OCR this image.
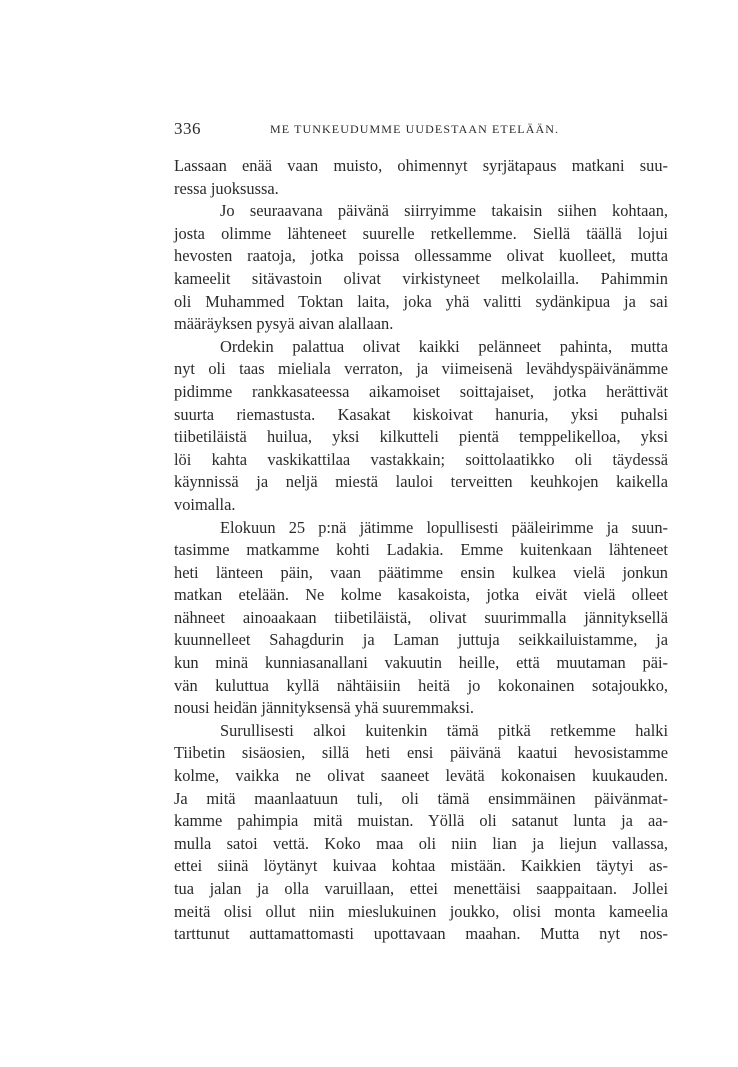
336	ME TUNKEUDUMME UUDESTAAN ETELÄÄN.
Lassaan enää vaan muisto, ohimennyt syrjätapaus matkani suu-
ressa juoksussa.
Jo seuraavana päivänä siirryimme takaisin siihen kohtaan,
josta olimme lähteneet suurelle retkellemme. Siellä täällä lojui
hevosten raatoja, jotka poissa ollessamme olivat kuolleet, mutta
kameelit sitävastoin olivat virkistyneet melkolailla. Pahimmin
oli Muhammed Toktan laita, joka yhä valitti sydänkipua ja sai
määräyksen pysyä aivan alallaan.
Ordekin palattua olivat kaikki pelänneet pahinta, mutta
nyt oli taas mieliala verraton, ja viimeisenä levähdyspäivänämme
pidimme rankkasateessa aikamoiset soittajaiset, jotka herättivät
suurta riemastusta. Kasakat kiskoivat hanuria, yksi puhalsi
tiibetiläistä huilua, yksi kilkutteli pientä temppelikelloa, yksi
löi kahta vaskikattilaa vastakkain; soittolaatikko oli täydessä
käynnissä ja neljä miestä lauloi terveitten keuhkojen kaikella
voimalla.
Elokuun 25 p:nä jätimme lopullisesti pääleirimme ja suun-
tasimme matkamme kohti Ladakia. Emme kuitenkaan lähteneet
heti länteen päin, vaan päätimme ensin kulkea vielä jonkun
matkan etelään. Ne kolme kasakoista, jotka eivät vielä olleet
nähneet ainoaakaan tiibetiläistä, olivat suurimmalla jännityksellä
kuunnelleet Sahagdurin ja Laman juttuja seikkailuistamme, ja
kun minä kunniasanallani vakuutin heille, että muutaman päi-
vän kuluttua kyllä nähtäisiin heitä jo kokonainen sotajoukko,
nousi heidän jännityksensä yhä suuremmaksi.
Surullisesti alkoi kuitenkin tämä pitkä retkemme halki
Tiibetin sisäosien, sillä heti ensi päivänä kaatui hevosistamme
kolme, vaikka ne olivat saaneet levätä kokonaisen kuukauden.
Ja mitä maanlaatuun tuli, oli tämä ensimmäinen päivänmat-
kamme pahimpia mitä muistan. Yöllä oli satanut lunta ja aa-
mulla satoi vettä. Koko maa oli niin lian ja liejun vallassa,
ettei siinä löytänyt kuivaa kohtaa mistään. Kaikkien täytyi as-
tua jalan ja olla varuillaan, ettei menettäisi saappaitaan. Jollei
meitä olisi ollut niin mieslukuinen joukko, olisi monta kameelia
tarttunut auttamattomasti upottavaan maahan. Mutta nyt nos-
